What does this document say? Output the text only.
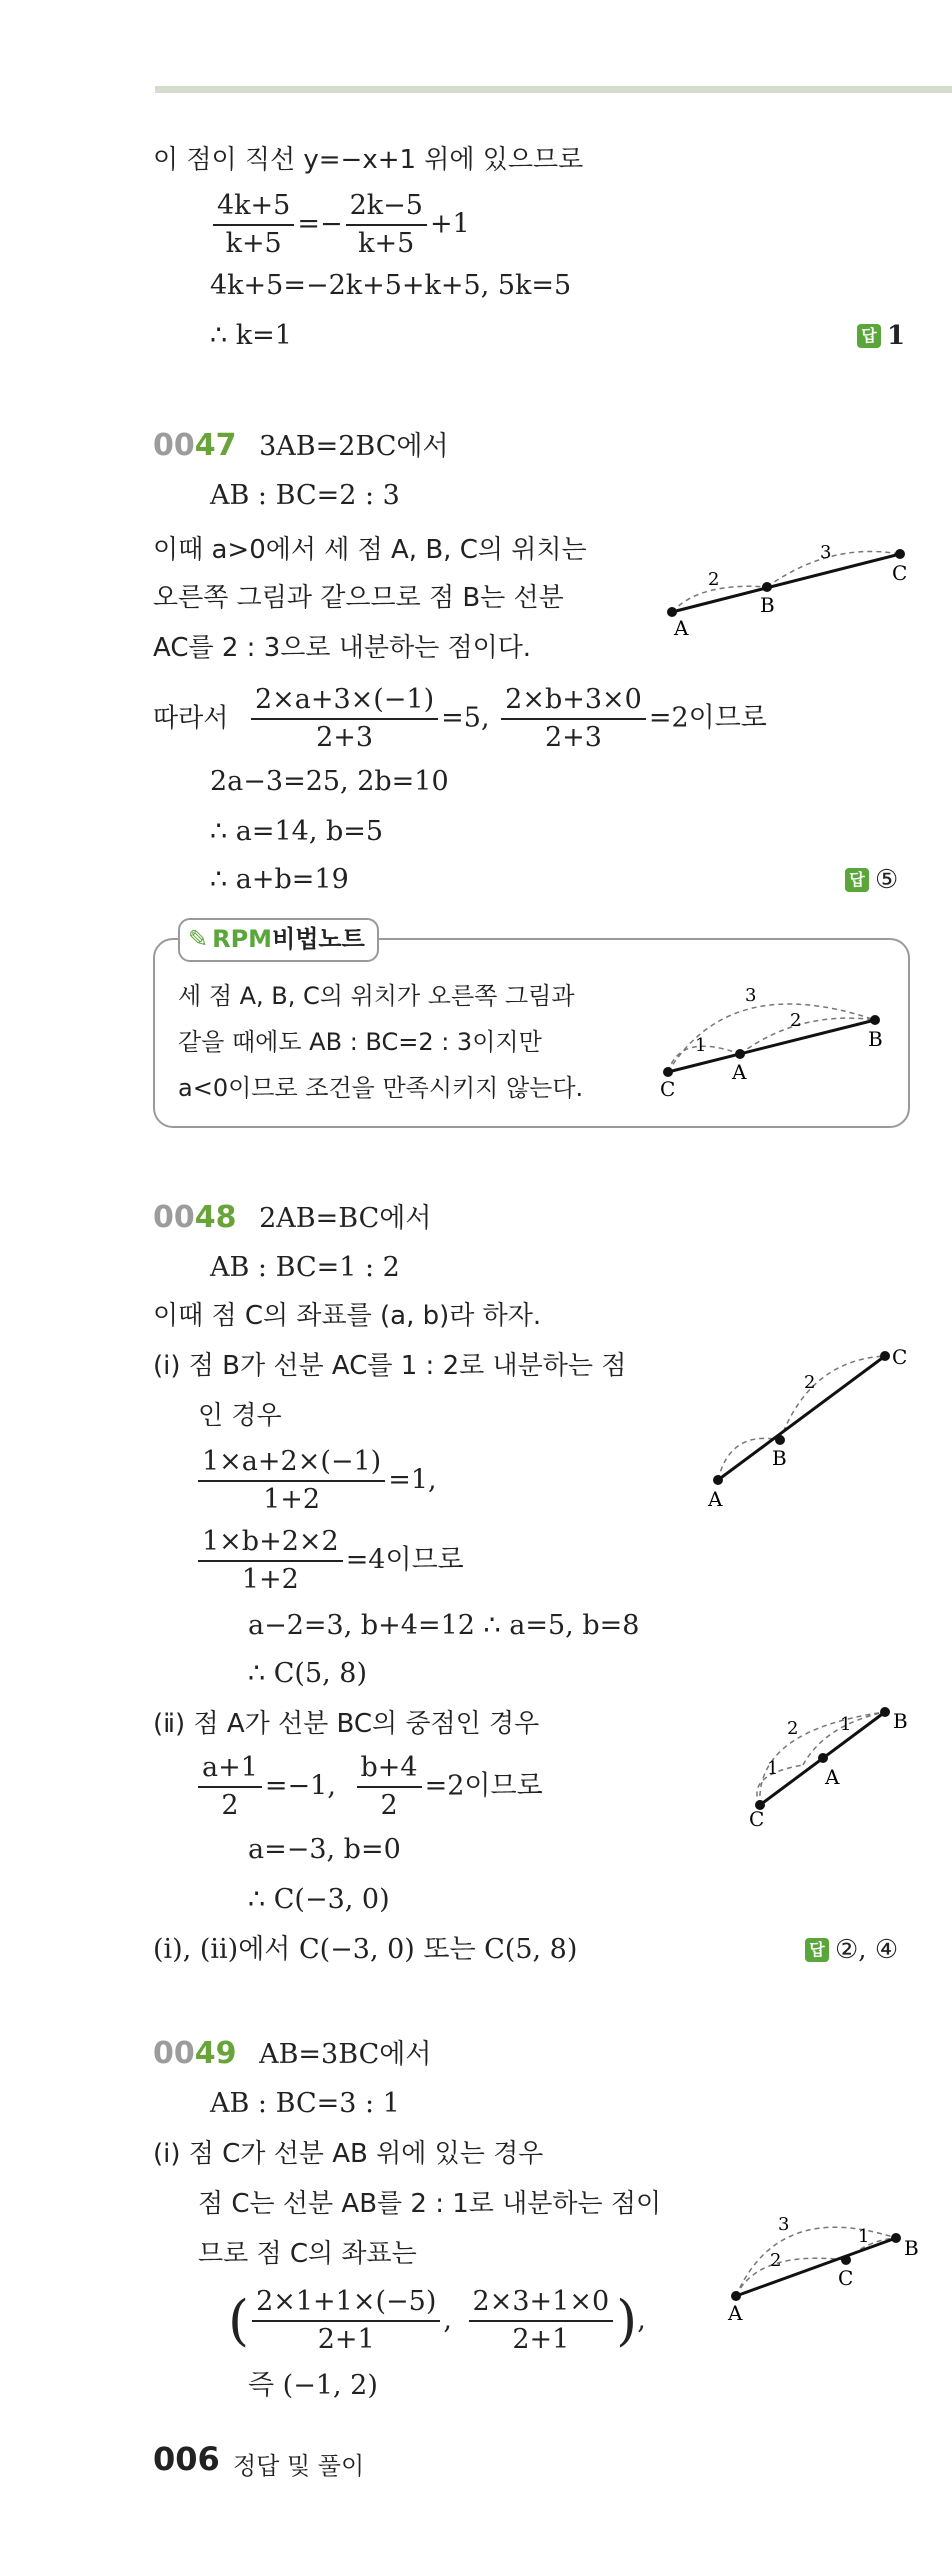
이 점이 직선 y=−x+1 위에 있으므로
$\frac{4k+5}{k+5} =- \frac{2k-5}{k+5} +1$
4k+5=−2k+5+k+5, 5k=5
∴ k=1	답 1
0047 3AB=2BC에서
AB : BC=2 : 3
이때 a>0에서 세 점 A, B, C의 위치는
오른쪽 그림과 같으므로 점 B는 선분
AC를 2 : 3으로 내분하는 점이다.
A
B
C
2
3
따라서 $\frac{2\times a+3\times(-1)}{2+3} =5$, $\frac{2\times b+3\times 0}{2+3} =2$이므로
2a−3=25, 2b=10
∴ a=14, b=5
∴ a+b=19	답 ⑤
✎ RPM비법노트
세 점 A, B, C의 위치가 오른쪽 그림과
같을 때에도 AB : BC=2 : 3이지만
a<0이므로 조건을 만족시키지 않는다.	C
A
B
1
2
3
0048 2AB=BC에서
AB : BC=1 : 2
이때 점 C의 좌표를 (a, b)라 하자.
(ⅰ) 점 B가 선분 AC를 1 : 2로 내분하는 점
인 경우
A
B
C
2
$\frac{1\times a+2\times(-1)}{1+2} =1$,
$\frac{1\times b+2\times 2}{1+2} =4$이므로
a−2=3, b+4=12 ∴ a=5, b=8
∴ C(5, 8)
(ⅱ) 점 A가 선분 BC의 중점인 경우
C
A
B
1
2 1
$\frac{a+1}{2} =-1$, $\frac{b+4}{2} =2$이므로
a=−3, b=0
∴ C(−3, 0)
(ⅰ), (ⅱ)에서 C(−3, 0) 또는 C(5, 8)	답 ②, ④
0049 AB=3BC에서
AB : BC=3 : 1
(ⅰ) 점 C가 선분 AB 위에 있는 경우
점 C는 선분 AB를 2 : 1로 내분하는 점이
므로 점 C의 좌표는
A
C
B
3
2
1
( $\frac{2\times 1+1\times(-5)}{2+1}$ , $\frac{2\times 3+1\times 0}{2+1}$ ),
즉 (−1, 2)
006 정답 및 풀이
